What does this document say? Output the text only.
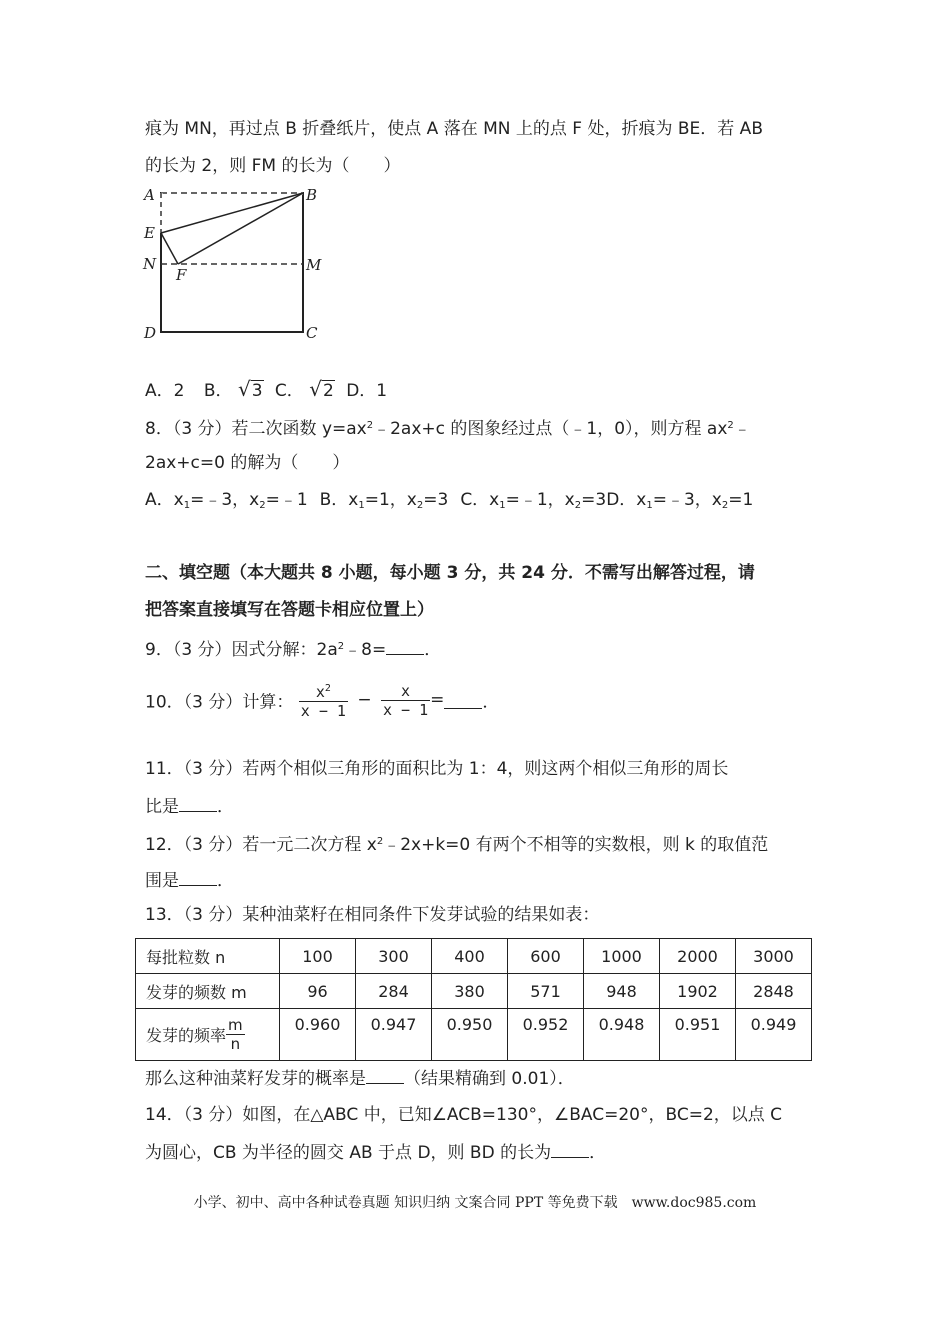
痕为 MN，再过点 B 折叠纸片，使点 A 落在 MN 上的点 F 处，折痕为 BE．若 AB
的长为 2，则 FM 的长为（　　）
A	B
E
N
F
M
D	C
A．2 B． √3 C． √2 D．1
8．（3 分）若二次函数 $y=ax^2﹣2ax+c$ 的图象经过点（﹣1，0），则方程 $ax^2﹣$
2ax+c=0 的解为（　　）
A．$x_1=﹣3$，$x_2=﹣1$ B．$x_1=1$，$x_2=3$ C．$x_1=﹣1$，$x_2=3D$．$x_1=﹣3$，$x_2=1$
二、填空题（本大题共 8 小题，每小题 3 分，共 24 分．不需写出解答过程，请
把答案直接填写在答题卡相应位置上）
9．（3 分）因式分解：$2a^2﹣8=$ ．
10．（3 分）计算： $\frac{x^2}{x - 1} - \frac{x}{x - 1}$ = ．
11．（3 分）若两个相似三角形的面积比为 1：4，则这两个相似三角形的周长
比是 ．
12．（3 分）若一元二次方程 $x^2﹣2x+k=0$ 有两个不相等的实数根，则 k 的取值范
围是 ．
13．（3 分）某种油菜籽在相同条件下发芽试验的结果如表：
每批粒数 n	100	300	400	600	1000	2000	3000
发芽的频数 m	96	284	380	571	948	1902	2848
发芽的频率 $\frac{m}{n}$	0.960	0.947	0.950	0.952	0.948	0.951	0.949
那么这种油菜籽发芽的概率是 （结果精确到 0.01）．
14．（3 分）如图，在△ABC 中，已知∠ACB=130°，∠BAC=20°，BC=2，以点 C
为圆心，CB 为半径的圆交 AB 于点 D，则 BD 的长为 ．
小学、初中、高中各种试卷真题 知识归纳 文案合同 PPT 等免费下载　www.doc985.com
